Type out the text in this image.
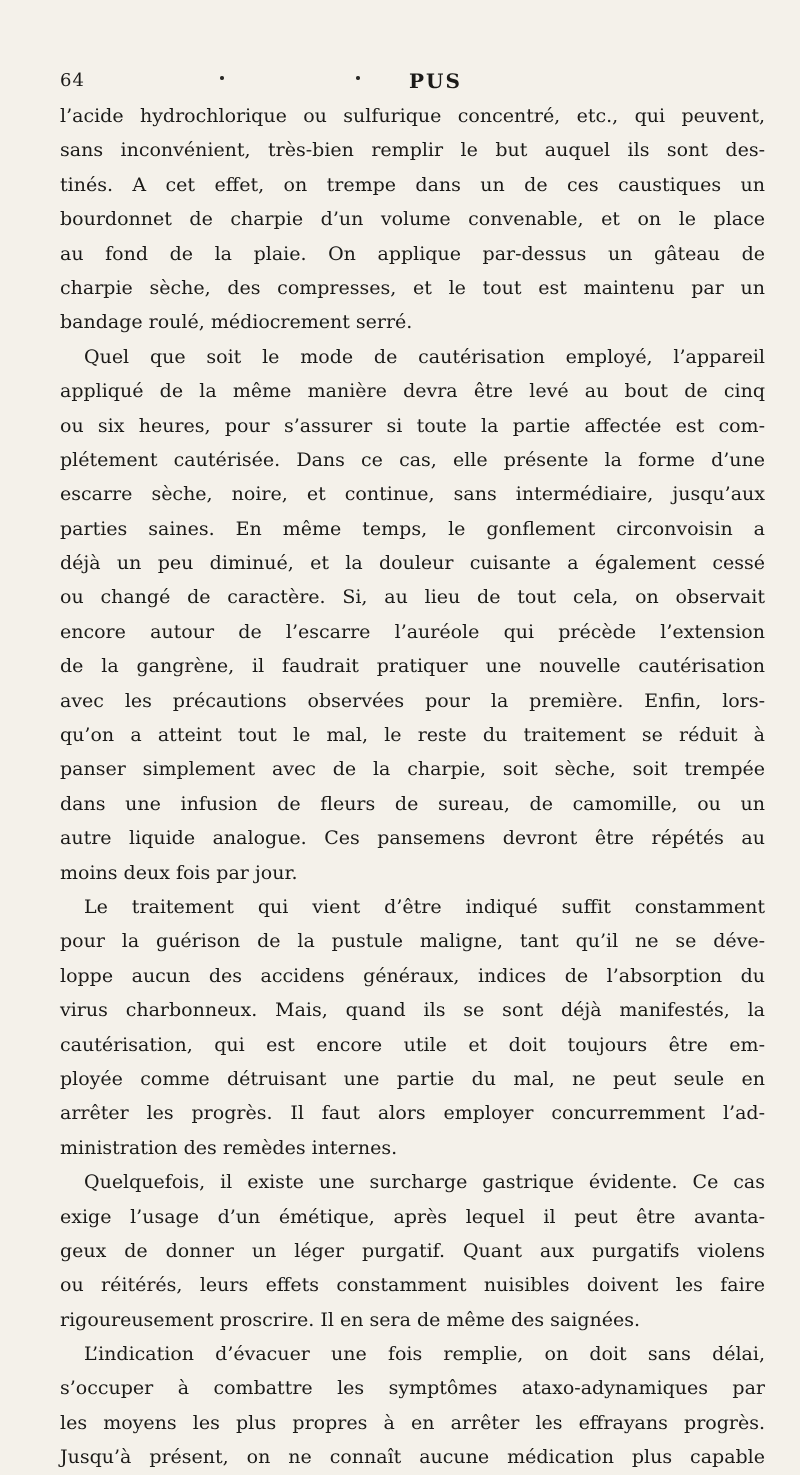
64	PUS
l’acide hydrochlorique ou sulfurique concentré, etc., qui peuvent,
sans inconvénient, très-bien remplir le but auquel ils sont des-
tinés. A cet effet, on trempe dans un de ces caustiques un
bourdonnet de charpie d’un volume convenable, et on le place
au fond de la plaie. On applique par-dessus un gâteau de
charpie sèche, des compresses, et le tout est maintenu par un
bandage roulé, médiocrement serré.
Quel que soit le mode de cautérisation employé, l’appareil
appliqué de la même manière devra être levé au bout de cinq
ou six heures, pour s’assurer si toute la partie affectée est com-
plétement cautérisée. Dans ce cas, elle présente la forme d’une
escarre sèche, noire, et continue, sans intermédiaire, jusqu’aux
parties saines. En même temps, le gonflement circonvoisin a
déjà un peu diminué, et la douleur cuisante a également cessé
ou changé de caractère. Si, au lieu de tout cela, on observait
encore autour de l’escarre l’auréole qui précède l’extension
de la gangrène, il faudrait pratiquer une nouvelle cautérisation
avec les précautions observées pour la première. Enfin, lors-
qu’on a atteint tout le mal, le reste du traitement se réduit à
panser simplement avec de la charpie, soit sèche, soit trempée
dans une infusion de fleurs de sureau, de camomille, ou un
autre liquide analogue. Ces pansemens devront être répétés au
moins deux fois par jour.
Le traitement qui vient d’être indiqué suffit constamment
pour la guérison de la pustule maligne, tant qu’il ne se déve-
loppe aucun des accidens généraux, indices de l’absorption du
virus charbonneux. Mais, quand ils se sont déjà manifestés, la
cautérisation, qui est encore utile et doit toujours être em-
ployée comme détruisant une partie du mal, ne peut seule en
arrêter les progrès. Il faut alors employer concurremment l’ad-
ministration des remèdes internes.
Quelquefois, il existe une surcharge gastrique évidente. Ce cas
exige l’usage d’un émétique, après lequel il peut être avanta-
geux de donner un léger purgatif. Quant aux purgatifs violens
ou réitérés, leurs effets constamment nuisibles doivent les faire
rigoureusement proscrire. Il en sera de même des saignées.
L’indication d’évacuer une fois remplie, on doit sans délai,
s’occuper à combattre les symptômes ataxo-adynamiques par
les moyens les plus propres à en arrêter les effrayans progrès.
Jusqu’à présent, on ne connaît aucune médication plus capable
